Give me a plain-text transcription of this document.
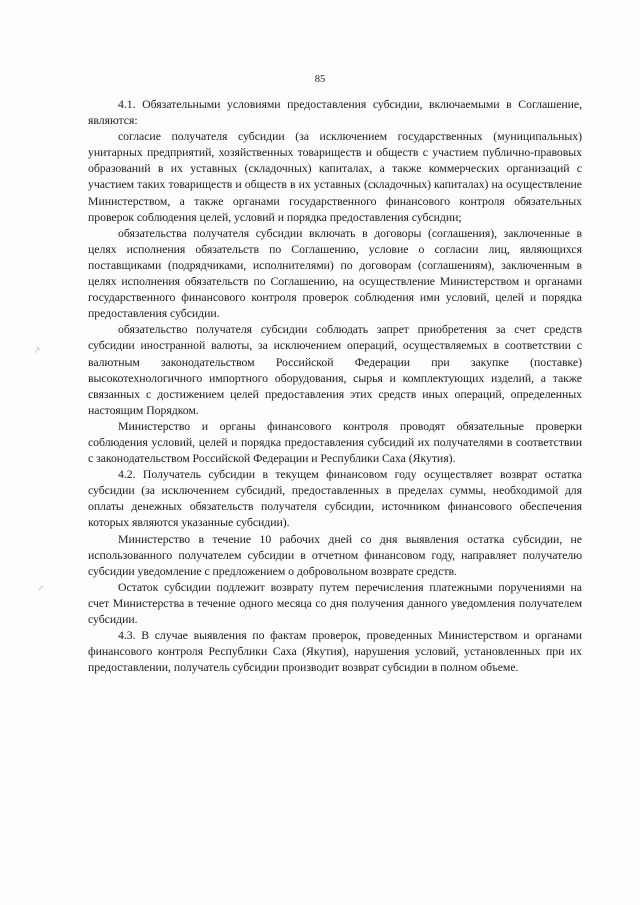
85
⁄⸌
⸍‾

4.1. Обязательными условиями предоставления субсидии, включаемыми в Соглашение, являются:

согласие получателя субсидии (за исключением государственных (муниципальных) унитарных предприятий, хозяйственных товариществ и обществ с участием публично-правовых образований в их уставных (складочных) капиталах, а также коммерческих организаций с участием таких товариществ и обществ в их уставных (складочных) капиталах) на осуществление Министерством, а также органами государственного финансового контроля обязательных проверок соблюдения целей, условий и порядка предоставления субсидии;

обязательства получателя субсидии включать в договоры (соглашения), заключенные в целях исполнения обязательств по Соглашению, условие о согласии лиц, являющихся поставщиками (подрядчиками, исполнителями) по договорам (соглашениям), заключенным в целях исполнения обязательств по Соглашению, на осуществление Министерством и органами государственного финансового контроля проверок соблюдения ими условий, целей и порядка предоставления субсидии.

обязательство получателя субсидии соблюдать запрет приобретения за счет средств субсидии иностранной валюты, за исключением операций, осуществляемых в соответствии с валютным законодательством Российской Федерации при закупке (поставке) высокотехнологичного импортного оборудования, сырья и комплектующих изделий, а также связанных с достижением целей предоставления этих средств иных операций, определенных настоящим Порядком.

Министерство и органы финансового контроля проводят обязательные проверки соблюдения условий, целей и порядка предоставления субсидий их получателями в соответствии с законодательством Российской Федерации и Республики Саха (Якутия).

4.2. Получатель субсидии в текущем финансовом году осуществляет возврат остатка субсидии (за исключением субсидий, предоставленных в пределах суммы, необходимой для оплаты денежных обязательств получателя субсидии, источником финансового обеспечения которых являются указанные субсидии).

Министерство в течение 10 рабочих дней со дня выявления остатка субсидии, не использованного получателем субсидии в отчетном финансовом году, направляет получателю субсидии уведомление с предложением о добровольном возврате средств.

Остаток субсидии подлежит возврату путем перечисления платежными поручениями на счет Министерства в течение одного месяца со дня получения данного уведомления получателем субсидии.

4.3. В случае выявления по фактам проверок, проведенных Министерством и органами финансового контроля Республики Саха (Якутия), нарушения условий, установленных при их предоставлении, получатель субсидии производит возврат субсидии в полном объеме.
